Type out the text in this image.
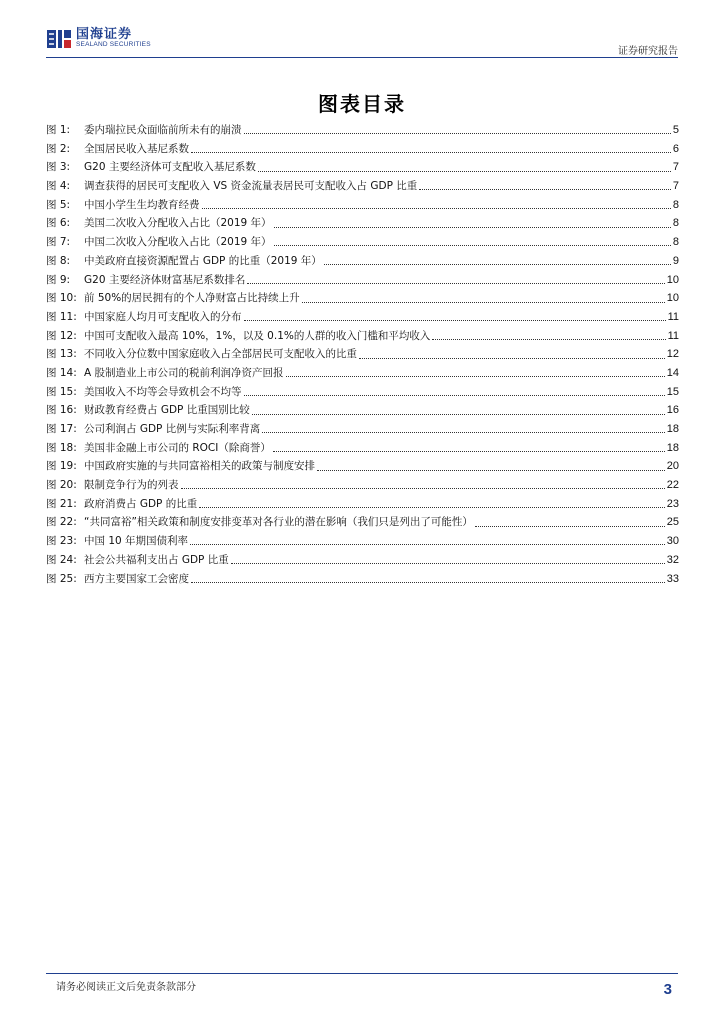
国海证券
SEALAND SECURITIES
证券研究报告
图表目录
图 1:	委内瑞拉民众面临前所未有的崩溃	5
图 2:	全国居民收入基尼系数	6
图 3:	G20 主要经济体可支配收入基尼系数	7
图 4:	调查获得的居民可支配收入 VS 资金流量表居民可支配收入占 GDP 比重	7
图 5:	中国小学生生均教育经费	8
图 6:	美国二次收入分配收入占比（2019 年）	8
图 7:	中国二次收入分配收入占比（2019 年）	8
图 8:	中美政府直接资源配置占 GDP 的比重（2019 年）	9
图 9:	G20 主要经济体财富基尼系数排名	10
图 10: 前 50%的居民拥有的个人净财富占比持续上升	10
图 11: 中国家庭人均月可支配收入的分布	11
图 12: 中国可支配收入最高 10%，1%，以及 0.1%的人群的收入门槛和平均收入	11
图 13: 不同收入分位数中国家庭收入占全部居民可支配收入的比重	12
图 14: A 股制造业上市公司的税前利润净资产回报	14
图 15: 美国收入不均等会导致机会不均等	15
图 16: 财政教育经费占 GDP 比重国别比较	16
图 17: 公司利润占 GDP 比例与实际利率背离	18
图 18: 美国非金融上市公司的 ROCI（除商誉）	18
图 19: 中国政府实施的与共同富裕相关的政策与制度安排	20
图 20: 限制竞争行为的列表	22
图 21: 政府消费占 GDP 的比重	23
图 22: “共同富裕”相关政策和制度安排变革对各行业的潜在影响（我们只是列出了可能性）	25
图 23: 中国 10 年期国债利率	30
图 24: 社会公共福利支出占 GDP 比重	32
图 25: 西方主要国家工会密度	33
请务必阅读正文后免责条款部分	3
